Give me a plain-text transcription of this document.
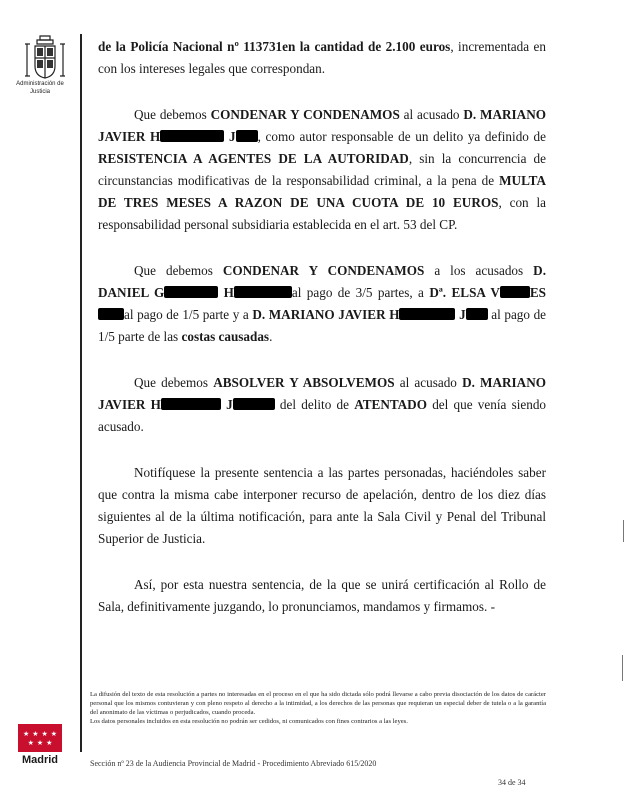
Administración de Justicia
★ ★ ★ ★
★ ★ ★
Madrid

de la Policía Nacional nº 113731en la cantidad de 2.100 euros, incrementada en con los intereses legales que correspondan.

Que debemos CONDENAR Y CONDENAMOS al acusado D. MARIANO JAVIER H	J , como autor responsable de un delito ya definido de RESISTENCIA A AGENTES DE LA AUTORIDAD, sin la concurrencia de circunstancias modificativas de la responsabilidad criminal, a la pena de MULTA DE TRES MESES A RAZON DE UNA CUOTA DE 10 EUROS, con la responsabilidad personal subsidiaria establecida en el art. 53 del CP.

Que debemos CONDENAR Y CONDENAMOS a los acusados D. DANIEL G	H	al pago de 3/5 partes, a Dª. ELSA V ESal pago de 1/5 parte y a D. MARIANO JAVIER H	J al pago de 1/5 parte de las costas causadas.

Que debemos ABSOLVER Y ABSOLVEMOS al acusado D. MARIANO JAVIER H	J	del delito de ATENTADO del que venía siendo acusado.

Notifíquese la presente sentencia a las partes personadas, haciéndoles saber que contra la misma cabe interponer recurso de apelación, dentro de los diez días siguientes al de la última notificación, para ante la Sala Civil y Penal del Tribunal Superior de Justicia.

Así, por esta nuestra sentencia, de la que se unirá certificación al Rollo de Sala, definitivamente juzgando, lo pronunciamos, mandamos y firmamos. -

La difusión del texto de esta resolución a partes no interesadas en el proceso en el que ha sido dictada sólo podrá llevarse a cabo previa disociación de los datos de carácter personal que los mismos contuvieran y con pleno respeto al derecho a la intimidad, a los derechos de las personas que requieran un especial deber de tutela o a la garantía del anonimato de las víctimas o perjudicados, cuando proceda.

Los datos personales incluidos en esta resolución no podrán ser cedidos, ni comunicados con fines contrarios a las leyes.

Sección nº 23 de la Audiencia Provincial de Madrid - Procedimiento Abreviado 615/2020
34 de 34
